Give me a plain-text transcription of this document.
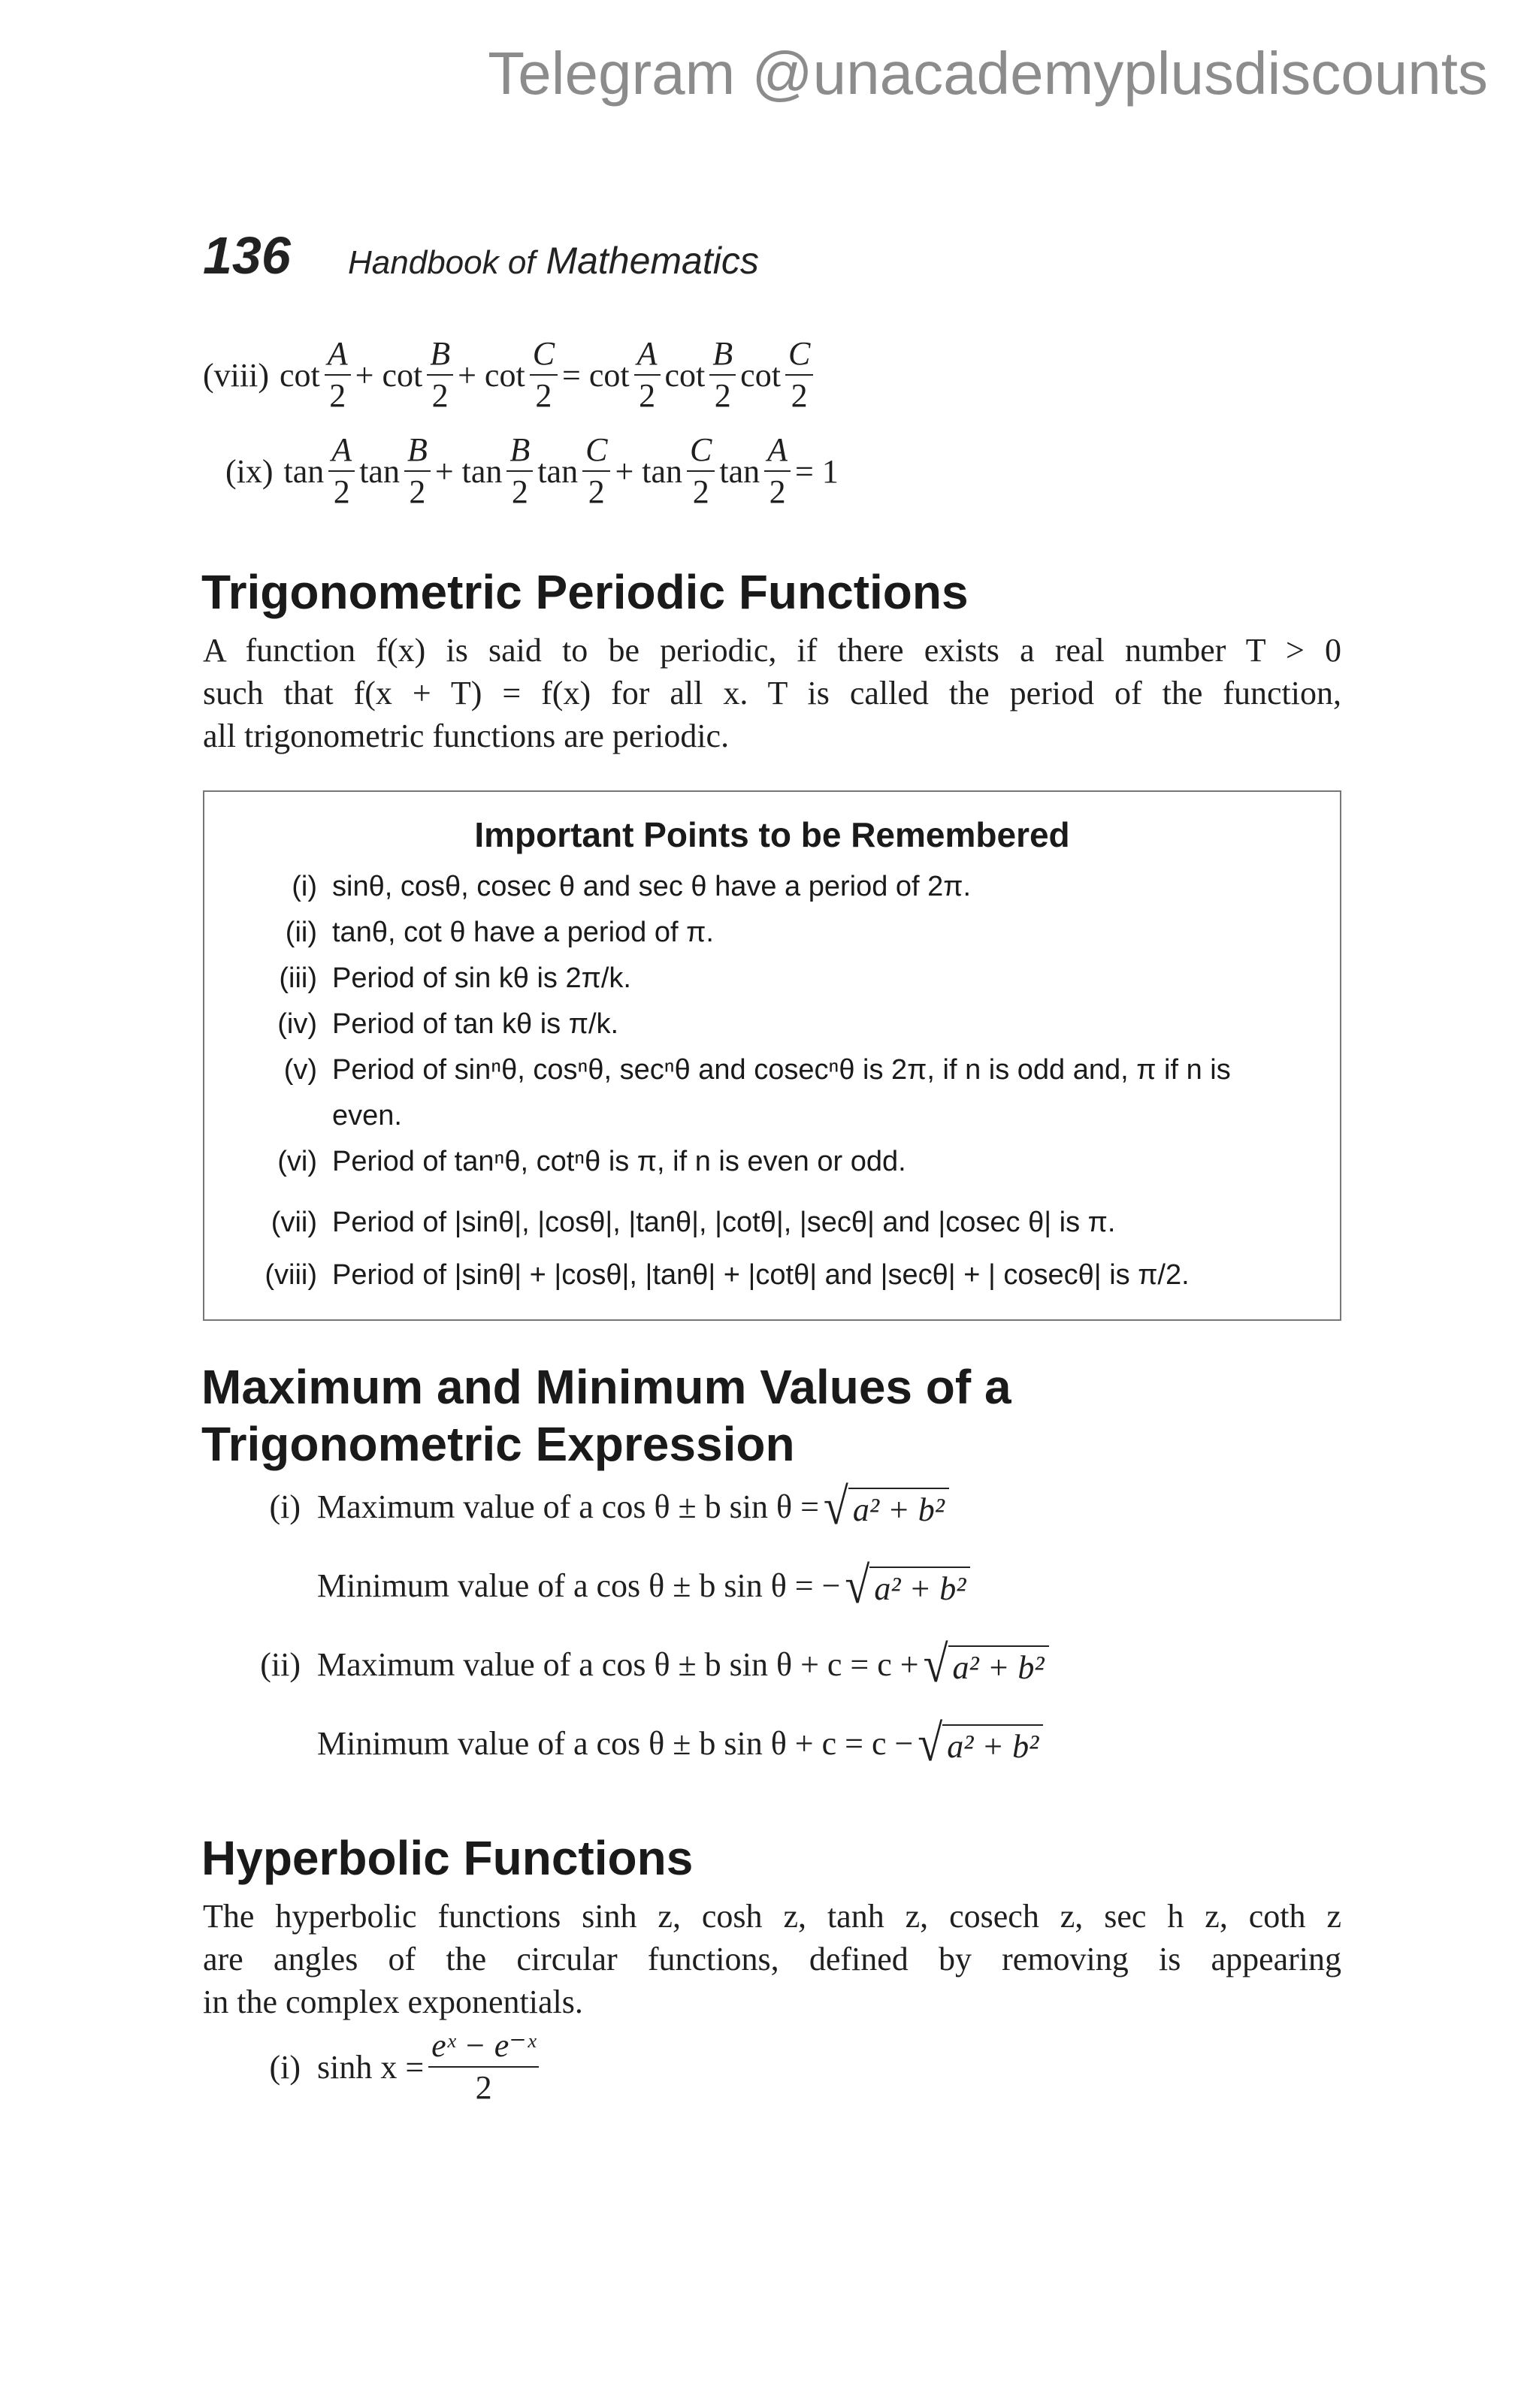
Telegram @unacademyplusdiscounts
136 Handbook of Mathematics
(viii) $\cot \frac{A}{2} + \cot \frac{B}{2} + \cot \frac{C}{2} = \cot \frac{A}{2}$ $\cot \frac{B}{2}$ $\cot \frac{C}{2}$
(ix) $\tan \frac{A}{2}$ $\tan \frac{B}{2} + \tan \frac{B}{2}$ $\tan \frac{C}{2} + \tan \frac{C}{2}$ $\tan \frac{A}{2} = 1$
Trigonometric Periodic Functions
A function f(x) is said to be periodic, if there exists a real number T > 0
such that f(x + T) = f(x) for all x. T is called the period of the function,
all trigonometric functions are periodic.
Important Points to be Remembered
(i) sinθ, cosθ, cosec θ and sec θ have a period of 2π.
(ii) tanθ, cot θ have a period of π.
(iii) Period of sin kθ is 2π/k.
(iv) Period of tan kθ is π/k.
(v) Period of sinⁿθ, cosⁿθ, secⁿθ and cosecⁿθ is 2π, if n is odd and, π if n is
even.
(vi) Period of tanⁿθ, cotⁿθ is π, if n is even or odd.
(vii) Period of |sinθ|, |cosθ|, |tanθ|, |cotθ|, |secθ| and |cosec θ| is π.
(viii) Period of |sinθ| + |cosθ|, |tanθ| + |cotθ| and |secθ| + | cosecθ| is π/2.
Maximum and Minimum Values of a
Trigonometric Expression
(i) Maximum value of a cos θ ± b sin θ = √ a² + b²
Minimum value of a cos θ ± b sin θ = − √ a² + b²
(ii) Maximum value of a cos θ ± b sin θ + c = c + √ a² + b²
Minimum value of a cos θ ± b sin θ + c = c − √ a² + b²
Hyperbolic Functions
The hyperbolic functions sinh z, cosh z, tanh z, cosech z, sec h z, coth z
are angles of the circular functions, defined by removing is appearing
in the complex exponentials.
(i) $\sinh x = \frac{\text{eˣ − e⁻ˣ}}{2}$
